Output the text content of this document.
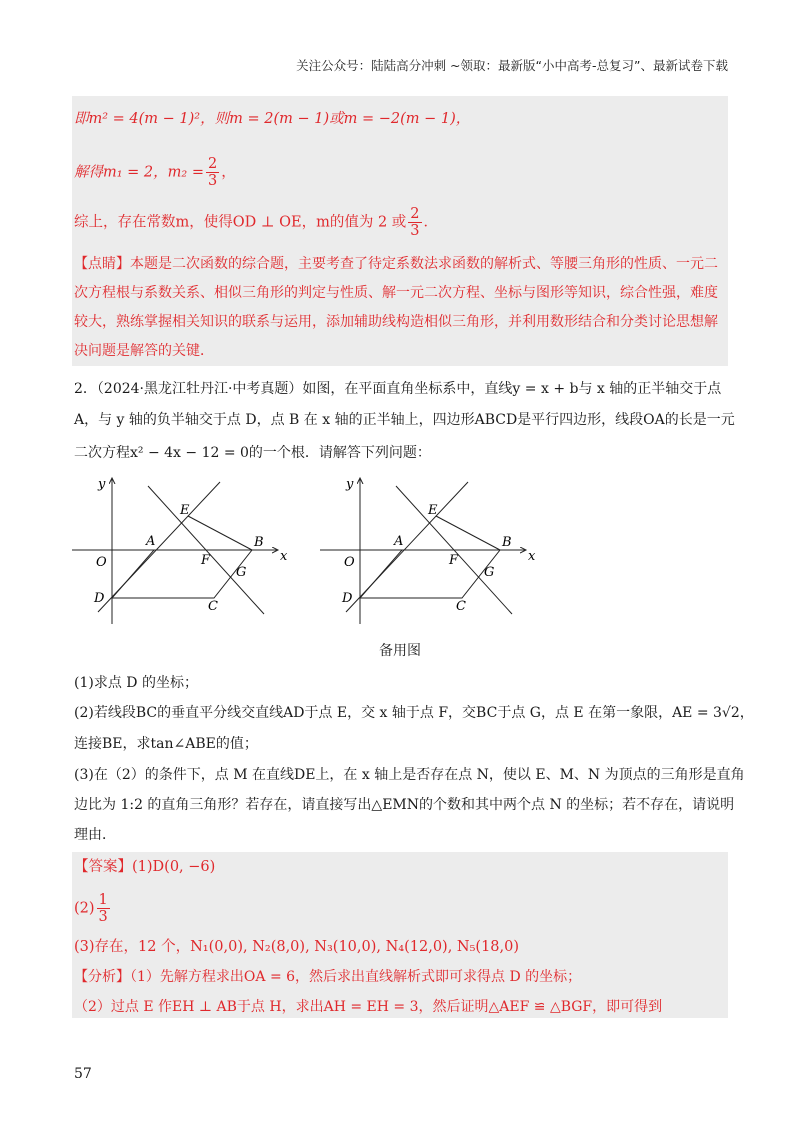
关注公众号：陆陆高分冲刺 ~领取：最新版“小中高考-总复习”、最新试卷下载
即m² = 4(m − 1)²，则m = 2(m − 1)或m = −2(m − 1)，
解得m₁ = 2，$m_2 = \frac{2}{3}$ ，
综上，存在常数m，使得OD ⊥ OE，m的值为 2 或 $\frac{2}{3}$ ．
【点睛】本题是二次函数的综合题，主要考查了待定系数法求函数的解析式、等腰三角形的性质、一元二次方程根与系数关系、相似三角形的判定与性质、解一元二次方程、坐标与图形等知识，综合性强，难度较大，熟练掌握相关知识的联系与运用，添加辅助线构造相似三角形，并利用数形结合和分类讨论思想解决问题是解答的关键．
2．（2024·黑龙江牡丹江·中考真题）如图，在平面直角坐标系中，直线y = x + b与 x 轴的正半轴交于点
A，与 y 轴的负半轴交于点 D，点 B 在 x 轴的正半轴上，四边形ABCD是平行四边形，线段OA的长是一元
二次方程x² − 4x − 12 = 0的一个根．请解答下列问题：
y
x
O
A	B
C
D
E
F
G
y
x
O
A	B
C
D
E
F
G
备用图
(1)求点 D 的坐标；
(2)若线段BC的垂直平分线交直线AD于点 E，交 x 轴于点 F，交BC于点 G，点 E 在第一象限，AE = 3√2，
连接BE，求tan∠ABE的值；
(3)在（2）的条件下，点 M 在直线DE上，在 x 轴上是否存在点 N，使以 E、M、N 为顶点的三角形是直角
边比为 1:2 的直角三角形？若存在，请直接写出△EMN的个数和其中两个点 N 的坐标；若不存在，请说明
理由．
【答案】(1)D(0, −6)
$(2) \frac{1}{3}$
(3)存在，12 个，N₁(0,0), N₂(8,0), N₃(10,0), N₄(12,0), N₅(18,0)
【分析】（1）先解方程求出OA = 6，然后求出直线解析式即可求得点 D 的坐标；
（2）过点 E 作EH ⊥ AB于点 H，求出AH = EH = 3，然后证明△AEF ≌ △BGF，即可得到
57
